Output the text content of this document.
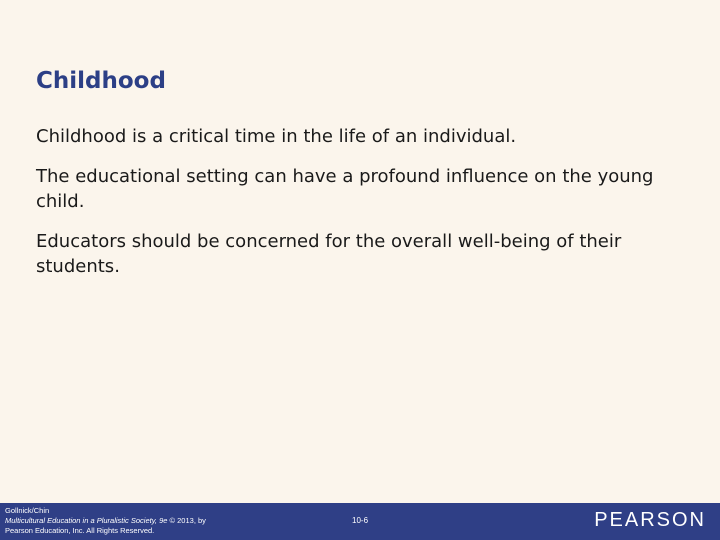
Childhood

Childhood is a critical time in the life of an individual.

The educational setting can have a profound influence on the young child.

Educators should be concerned for the overall well-being of their students.

Gollnick/Chin
Multicultural Education in a Pluralistic Society, 9e © 2013, by
Pearson Education, Inc. All Rights Reserved.
10-6	PEARSON
